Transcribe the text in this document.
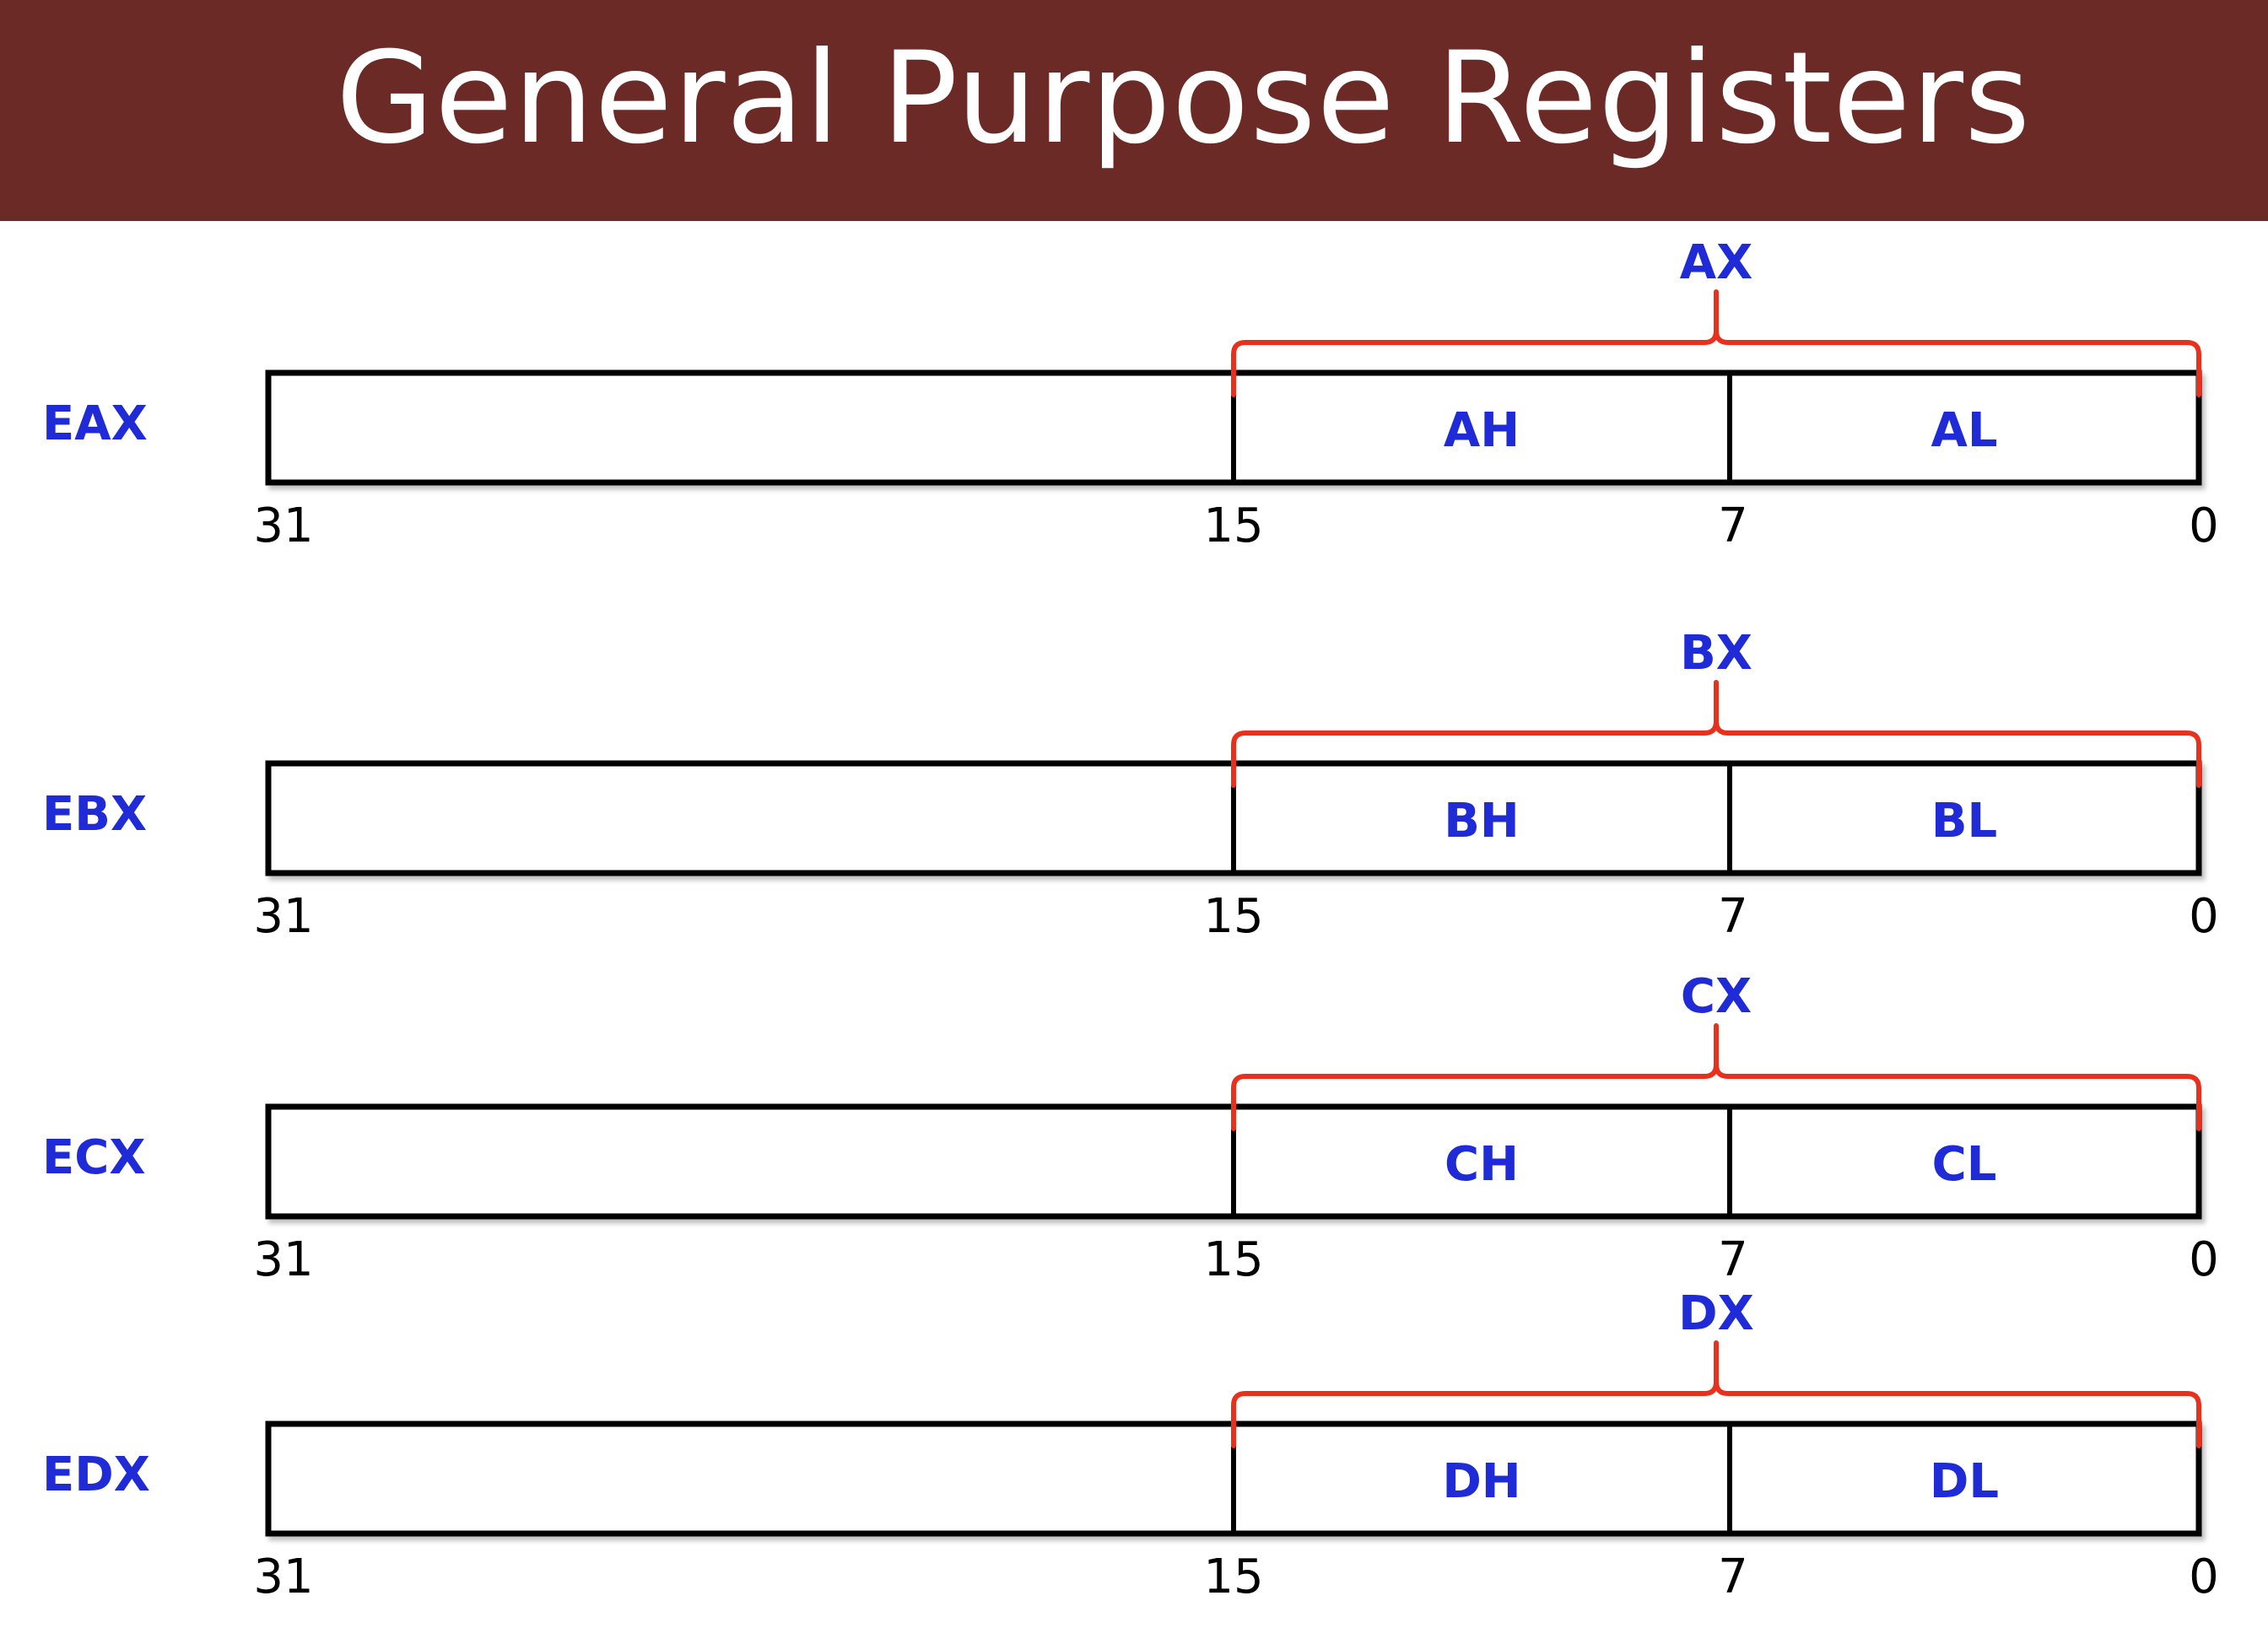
General Purpose Registers
EAX	AH	AL
AX
31	15	7	0
EBX	BH	BL
BX
31	15	7	0
ECX	CH	CL
CX
31	15	7	0
EDX	DH	DL
DX
31	15	7	0
